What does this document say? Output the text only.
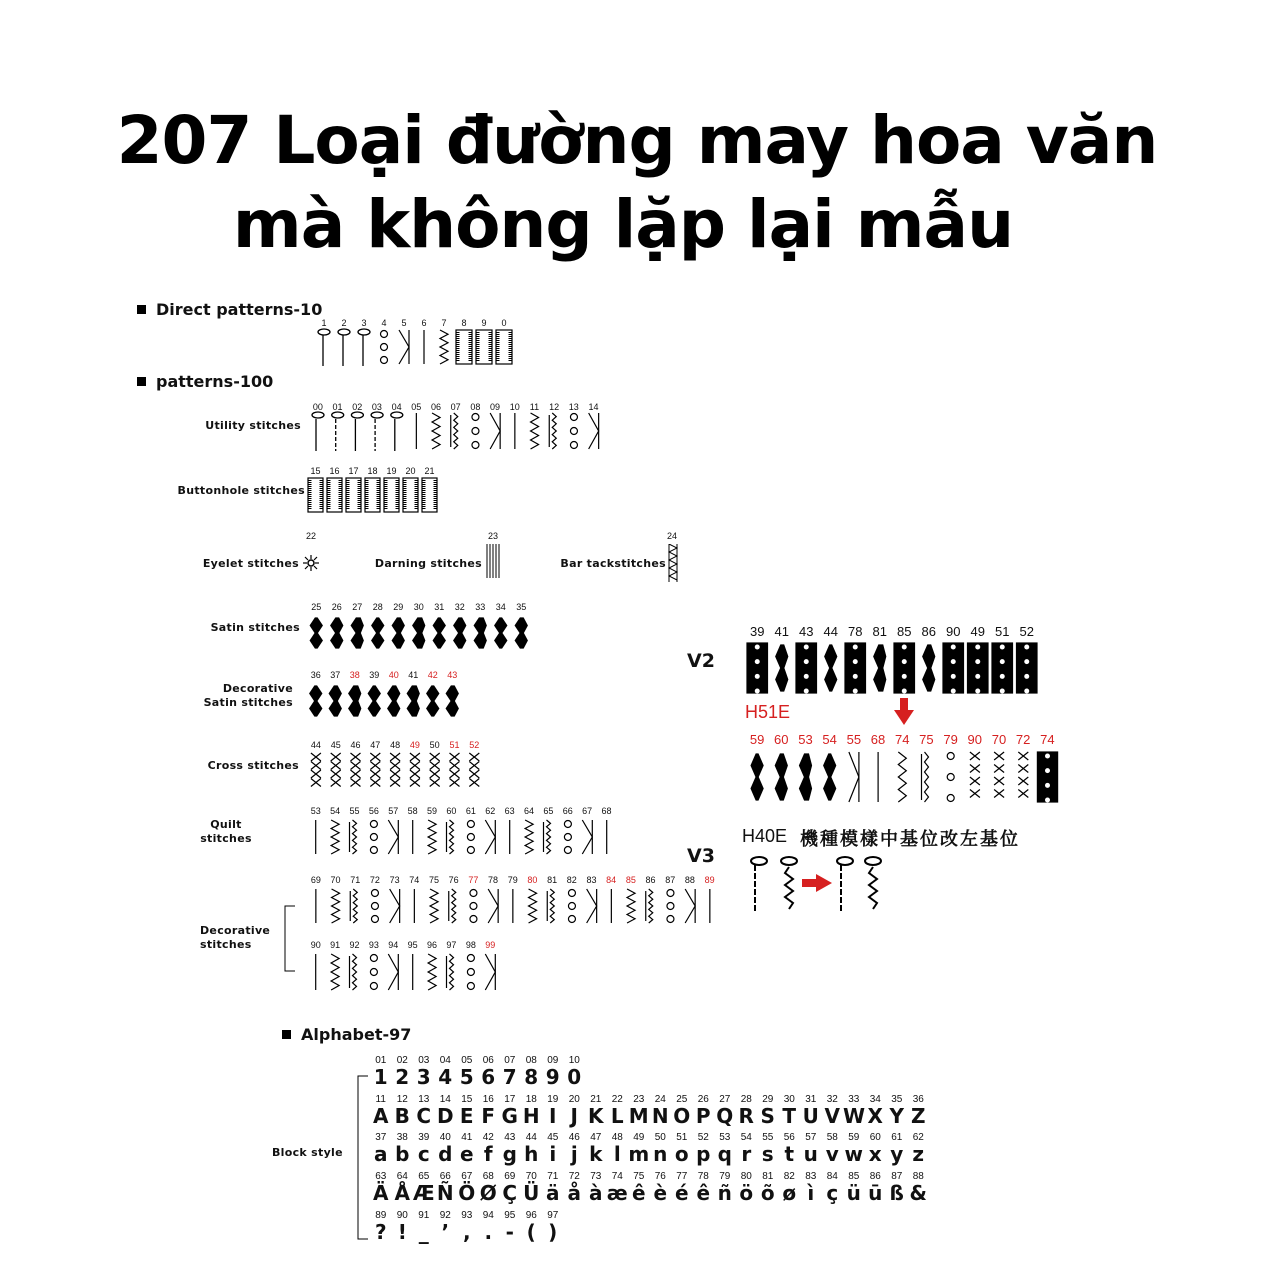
207 Loại đường may hoa văn
mà không lặp lại mẫu
Direct patterns-10
1	2	3	4	5	6	7	8	9	0
patterns-100
Utility stitches
00	01	02	03	04	05	06	07	08	09	10	11	12	13	14
Buttonhole stitches
15 16 17 18 19 20 21
22
Eyelet stitches
23
Darning stitches
24
Bar tackstitches
Satin stitches
25	26	27	28	29	30	31	32	33	34	35
Decorative
Satin stitches
36	37	38	39	40	41	42	43
Cross stitches
44	45	46	47	48	49	50	51	52
Quilt
stitches
53	54	55	56	57	58	59	60	61	62	63	64	65	66	67	68
Decorative
stitches
69	70	71	72	73	74	75	76	77	78	79	80	81	82	83	84	85	86	87	88	89
90	91	92	93	94	95	96	97	98	99
V2
39 41 43 44 78 81 85 86 90 49 51 52
H51E
59 60 53 54 55 68 74 75 79 90 70 72 74
H40E 機種模樣中基位改左基位
V3
Alphabet-97
Block style
01	02	03	04	05	06	07	08	09	10
1 2 3 4 5 6 7 8 9 0
11	12	13	14	15	16	17	18	19	20	21	22	23	24	25	26	27	28	29	30	31	32	33	34	35	36
A B C D E F G H I J K L M N O P Q R S T U V W X Y Z
37	38	39	40	41	42	43	44	45	46	47	48	49	50	51	52	53	54	55	56	57	58	59	60	61	62
a b c d e f g h i j k l m n o p q r s t u v w x y z
63	64	65	66	67	68	69	70	71	72	73	74	75	76	77	78	79	80	81	82	83	84	85	86	87	88
Ä Å Æ Ñ Ö Ø Ç Ü ä å à æ ê è é ê ñ ö õ ø ì ç ü ū ß &
89	90	91	92	93	94	95	96	97
? ! _ ’ , . - ( )
